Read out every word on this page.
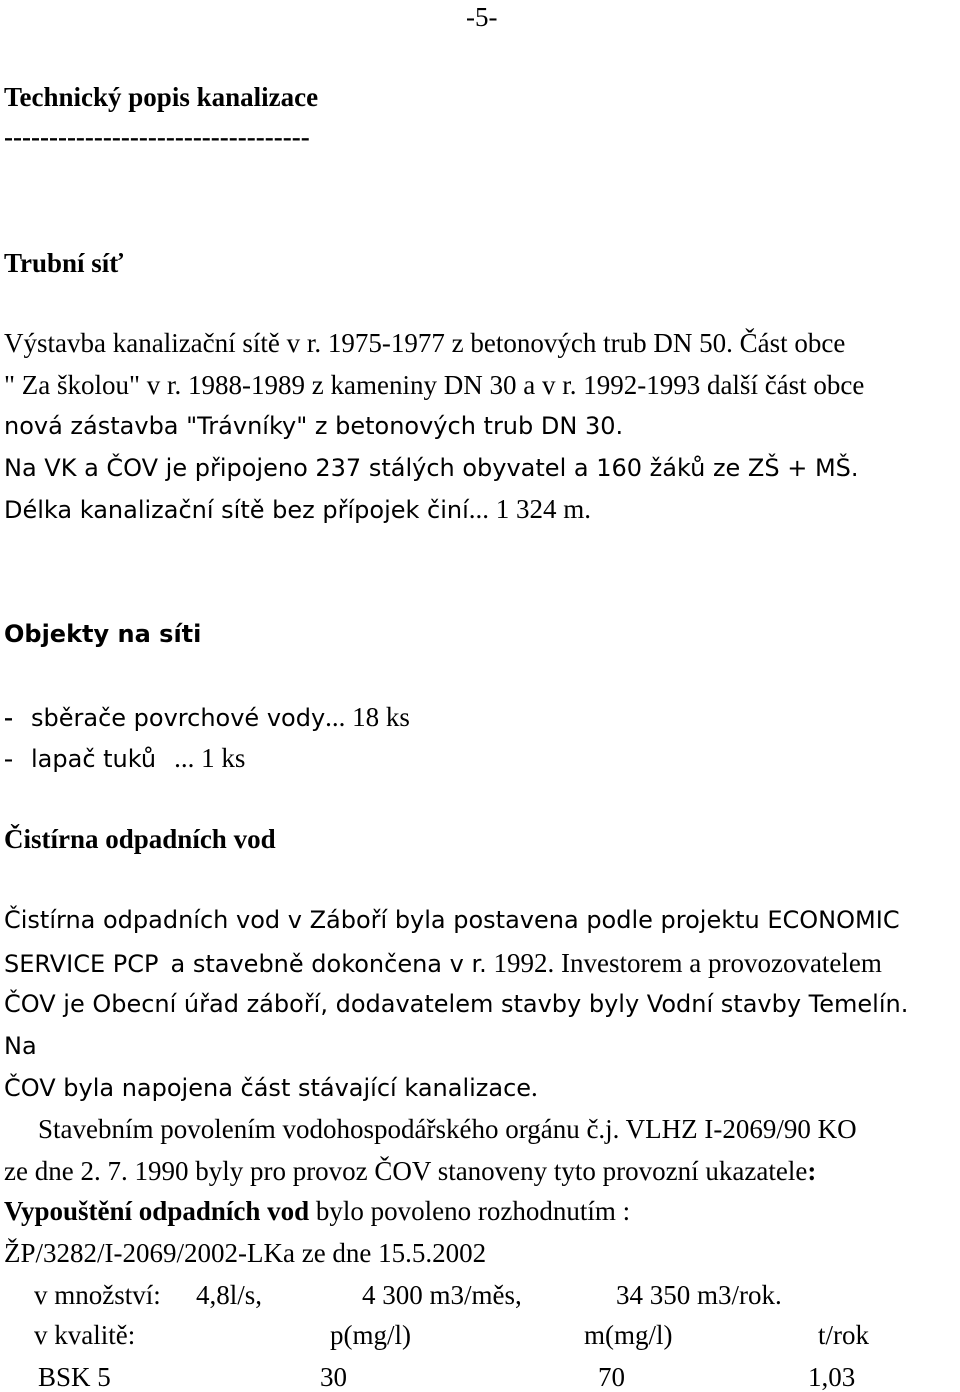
-5-
Technický popis kanalizace
----------------------------------
Trubní síť
Výstavba kanalizační sítě v r. 1975-1977 z betonových trub DN 50. Část obce
" Za školou" v r. 1988-1989 z kameniny DN 30 a v r. 1992-1993 další část obce
nová zástavba "Trávníky" z betonových trub DN 30.
Na VK a ČOV je připojeno 237 stálých obyvatel a 160 žáků ze ZŠ + MŠ.
Délka kanalizační sítě bez přípojek činí... 1 324 m.
Objekty na síti
- sběrače povrchové vody... 18 ks
- lapač tuků ... 1 ks
Čistírna odpadních vod
Čistírna odpadních vod v Záboří byla postavena podle projektu ECONOMIC
SERVICE PCP a stavebně dokončena v r. 1992. Investorem a provozovatelem
ČOV je Obecní úřad záboří, dodavatelem stavby byly Vodní stavby Temelín.
Na
ČOV byla napojena část stávající kanalizace.
Stavebním povolením vodohospodářského orgánu č.j. VLHZ I-2069/90 KO
ze dne 2. 7. 1990 byly pro provoz ČOV stanoveny tyto provozní ukazatele:
Vypouštění odpadních vod bylo povoleno rozhodnutím :
ŽP/3282/I-2069/2002-LKa ze dne 15.5.2002
v množství: 4,8l/s,	4 300 m3/měs,	34 350 m3/rok.
v kvalitě:	p(mg/l)	m(mg/l)	t/rok
BSK 5	30	70	1,03
